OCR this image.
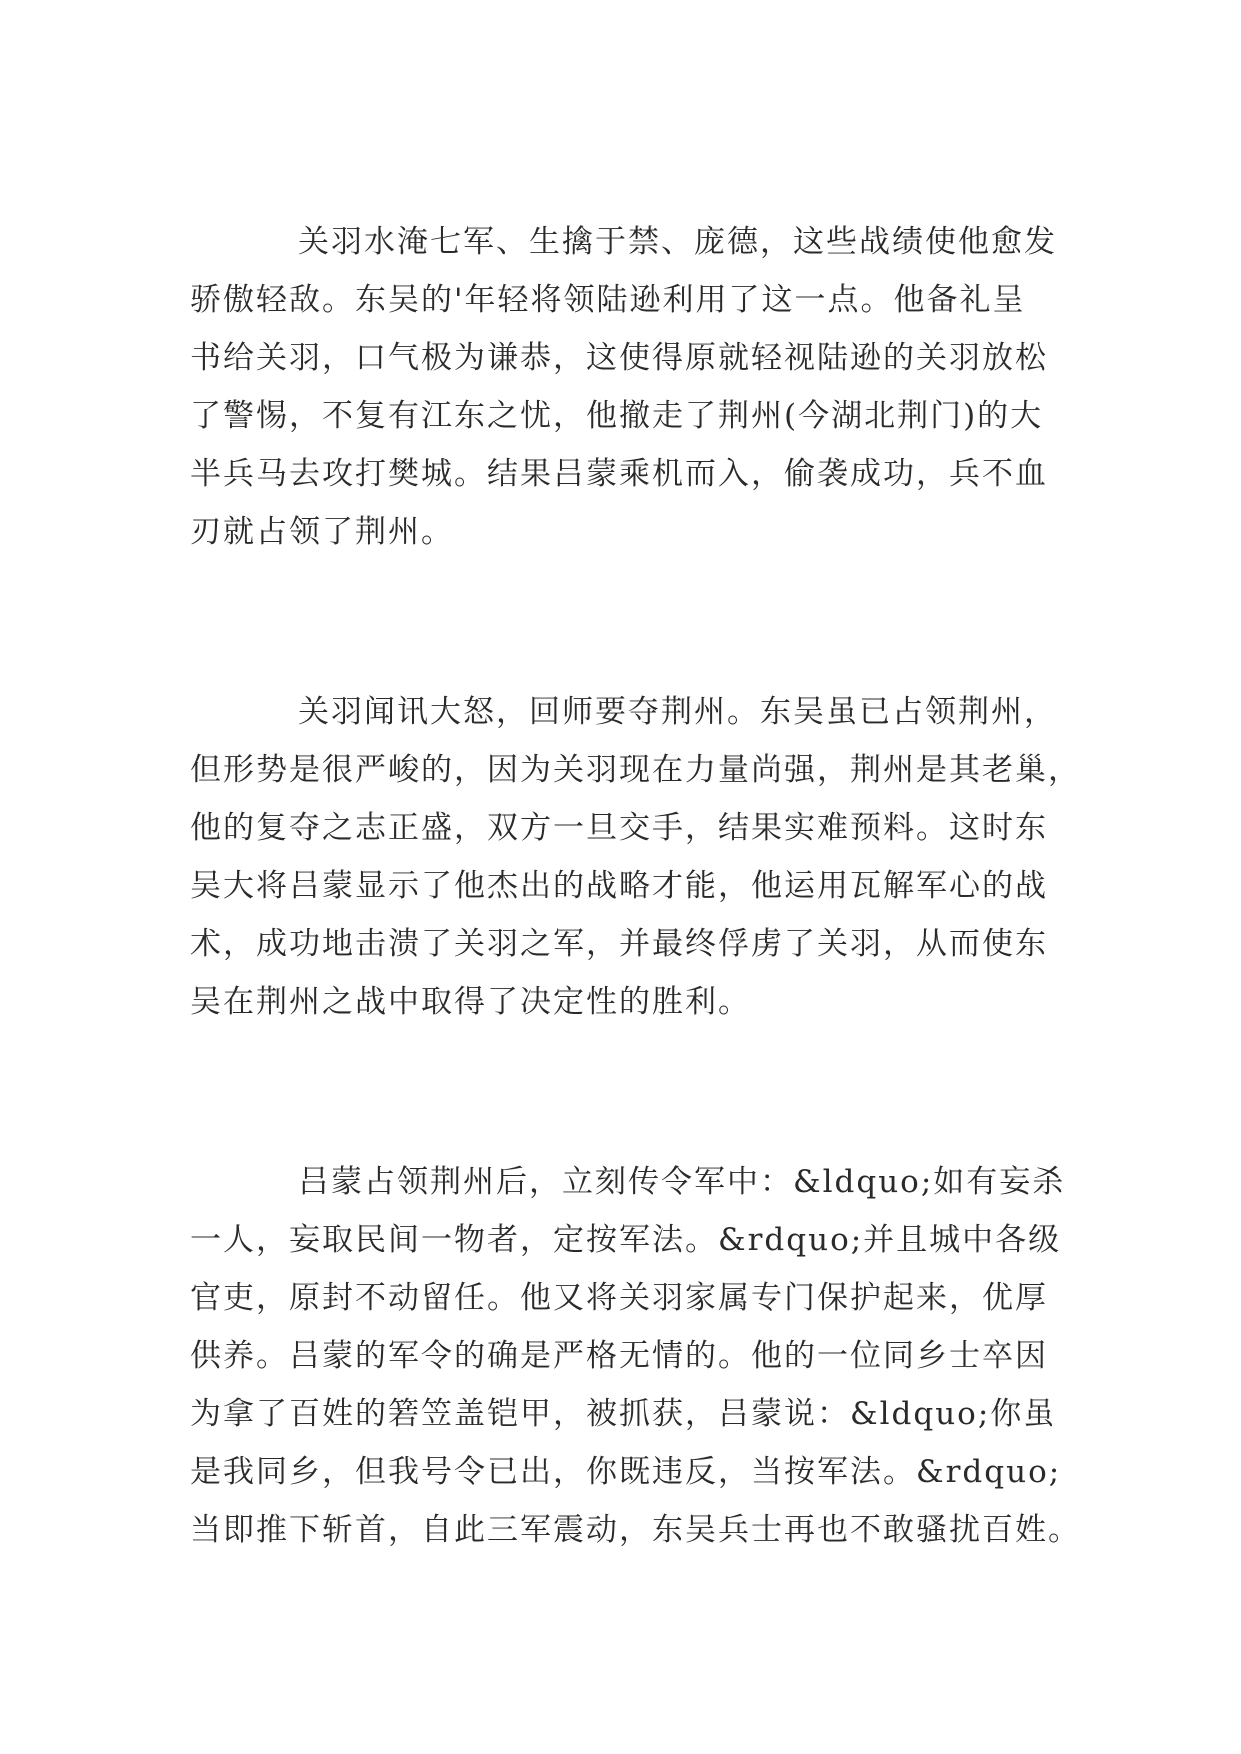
关羽水淹七军、生擒于禁、庞德，这些战绩使他愈发
骄傲轻敌。东吴的'年轻将领陆逊利用了这一点。他备礼呈
书给关羽，口气极为谦恭，这使得原就轻视陆逊的关羽放松
了警惕，不复有江东之忧，他撤走了荆州(今湖北荆门)的大
半兵马去攻打樊城。结果吕蒙乘机而入，偷袭成功，兵不血
刃就占领了荆州。
关羽闻讯大怒，回师要夺荆州。东吴虽已占领荆州，
但形势是很严峻的，因为关羽现在力量尚强，荆州是其老巢，
他的复夺之志正盛，双方一旦交手，结果实难预料。这时东
吴大将吕蒙显示了他杰出的战略才能，他运用瓦解军心的战
术，成功地击溃了关羽之军，并最终俘虏了关羽，从而使东
吴在荆州之战中取得了决定性的胜利。
吕蒙占领荆州后，立刻传令军中：&ldquo;如有妄杀
一人，妄取民间一物者，定按军法。&rdquo;并且城中各级
官吏，原封不动留任。他又将关羽家属专门保护起来，优厚
供养。吕蒙的军令的确是严格无情的。他的一位同乡士卒因
为拿了百姓的箬笠盖铠甲，被抓获，吕蒙说：&ldquo;你虽
是我同乡，但我号令已出，你既违反，当按军法。&rdquo;
当即推下斩首，自此三军震动，东吴兵士再也不敢骚扰百姓。
